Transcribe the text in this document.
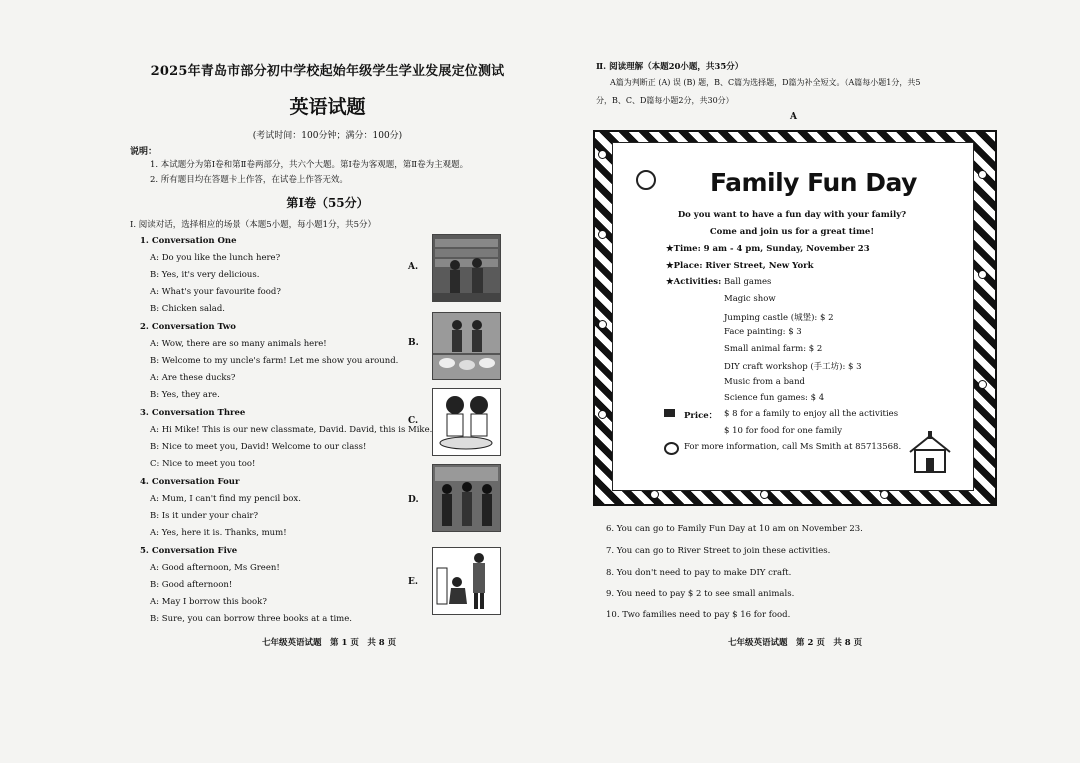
2025年青岛市部分初中学校起始年级学生学业发展定位测试
英语试题
(考试时间：100分钟；满分：100分)
说明：
1. 本试题分为第Ⅰ卷和第Ⅱ卷两部分，共六个大题。第Ⅰ卷为客观题，第Ⅱ卷为主观题。
2. 所有题目均在答题卡上作答，在试卷上作答无效。
第Ⅰ卷（55分）
Ⅰ. 阅读对话，选择相应的场景（本题5小题，每小题1分，共5分）
1. Conversation One
A: Do you like the lunch here?
B: Yes, it's very delicious.
A: What's your favourite food?
B: Chicken salad.
2. Conversation Two
A: Wow, there are so many animals here!
B: Welcome to my uncle's farm! Let me show you around.
A: Are these ducks?
B: Yes, they are.
3. Conversation Three
A: Hi Mike! This is our new classmate, David. David, this is Mike.
B: Nice to meet you, David! Welcome to our class!
C: Nice to meet you too!
4. Conversation Four
A: Mum, I can't find my pencil box.
B: Is it under your chair?
A: Yes, here it is. Thanks, mum!
5. Conversation Five
A: Good afternoon, Ms Green!
B: Good afternoon!
A: May I borrow this book?
B: Sure, you can borrow three books at a time.
A.
B.
C.
D.
E.
七年级英语试题　第 1 页　共 8 页
Ⅱ. 阅读理解（本题20小题，共35分）
A篇为判断正 (A) 误 (B) 题，B、C篇为选择题，D篇为补全短文。（A篇每小题1分，共5
分，B、C、D篇每小题2分，共30分）
A
Family Fun Day
Do you want to have a fun day with your family?
Come and join us for a great time!
★Time: 9 am - 4 pm, Sunday, November 23
★Place: River Street, New York
★Activities: Ball games
Magic show
Jumping castle (城堡): $ 2
Face painting: $ 3
Small animal farm: $ 2
DIY craft workshop (手工坊): $ 3
Music from a band
Science fun games: $ 4
Price： $ 8 for a family to enjoy all the activities
$ 10 for food for one family
For more information, call Ms Smith at 85713568.
6. You can go to Family Fun Day at 10 am on November 23.
7. You can go to River Street to join these activities.
8. You don't need to pay to make DIY craft.
9. You need to pay $ 2 to see small animals.
10. Two families need to pay $ 16 for food.
七年级英语试题　第 2 页　共 8 页
